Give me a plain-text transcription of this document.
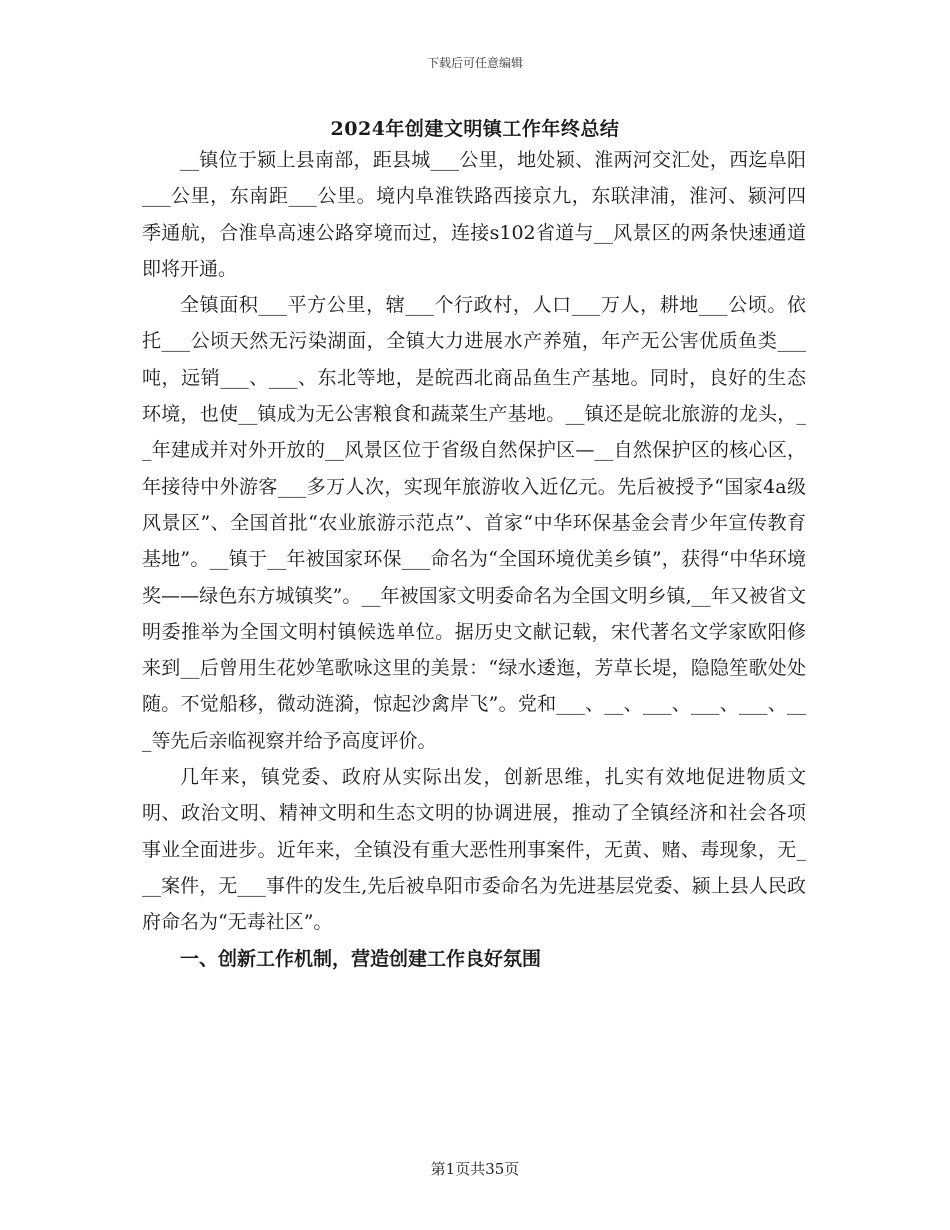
下载后可任意编辑
2024年创建文明镇工作年终总结

__镇位于颍上县南部，距县城___公里，地处颍、淮两河交汇处，西迄阜阳___公里，东南距___公里。境内阜淮铁路西接京九，东联津浦，淮河、颍河四季通航，合淮阜高速公路穿境而过，连接s102省道与__风景区的两条快速通道即将开通。

全镇面积___平方公里，辖___个行政村，人口___万人，耕地___公顷。依托___公顷天然无污染湖面，全镇大力进展水产养殖，年产无公害优质鱼类___吨，远销___、___、东北等地，是皖西北商品鱼生产基地。同时，良好的生态环境，也使__镇成为无公害粮食和蔬菜生产基地。__镇还是皖北旅游的龙头，__年建成并对外开放的__风景区位于省级自然保护区—__自然保护区的核心区，年接待中外游客___多万人次，实现年旅游收入近亿元。先后被授予“国家4a级风景区”、全国首批“农业旅游示范点”、首家“中华环保基金会青少年宣传教育基地”。__镇于__年被国家环保___命名为“全国环境优美乡镇”，获得“中华环境奖——绿色东方城镇奖”。__年被国家文明委命名为全国文明乡镇,__年又被省文明委推举为全国文明村镇候选单位。据历史文献记载，宋代著名文学家欧阳修来到__后曾用生花妙笔歌咏这里的美景：“绿水逶迤，芳草长堤，隐隐笙歌处处随。不觉船移，微动涟漪，惊起沙禽岸飞”。党和___、__、___、___、___、___等先后亲临视察并给予高度评价。

几年来，镇党委、政府从实际出发，创新思维，扎实有效地促进物质文明、政治文明、精神文明和生态文明的协调进展，推动了全镇经济和社会各项事业全面进步。近年来，全镇没有重大恶性刑事案件，无黄、赌、毒现象，无___案件，无___事件的发生,先后被阜阳市委命名为先进基层党委、颍上县人民政府命名为“无毒社区”。

一、创新工作机制，营造创建工作良好氛围

第1页共35页
